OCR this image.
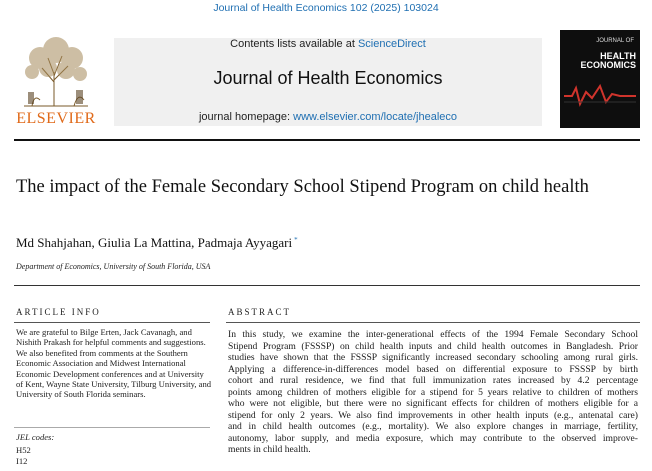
Journal of Health Economics 102 (2025) 103024
ELSEVIER
Contents lists available at ScienceDirect
Journal of Health Economics
journal homepage: www.elsevier.com/locate/jhealeco
JOURNAL OF
HEALTH
ECONOMICS
The impact of the Female Secondary School Stipend Program on child health
Md Shahjahan, Giulia La Mattina, Padmaja Ayyagari *
Department of Economics, University of South Florida, USA
ARTICLE INFO	ABSTRACT

We are grateful to Bilge Erten, Jack Cavanagh, and Nishith Prakash for helpful comments and suggestions. We also benefited from comments at the Southern Economic Association and Midwest International Economic Development conferences and at University of Kent, Wayne State University, Tilburg University, and University of South Florida seminars.

JEL codes:
H52
I12
In this study, we examine the inter-generational effects of the 1994 Female Secondary School
Stipend Program (FSSSP) on child health inputs and child health outcomes in Bangladesh. Prior
studies have shown that the FSSSP significantly increased secondary schooling among rural girls.
Applying a difference-in-differences model based on differential exposure to FSSSP by birth
cohort and rural residence, we find that full immunization rates increased by 4.2 percentage
points among children of mothers eligible for a stipend for 5 years relative to children of mothers
who were not eligible, but there were no significant effects for children of mothers eligible for a
stipend for only 2 years. We also find improvements in other health inputs (e.g., antenatal care)
and in child health outcomes (e.g., mortality). We also explore changes in marriage, fertility,
autonomy, labor supply, and media exposure, which may contribute to the observed improve-
ments in child health.
